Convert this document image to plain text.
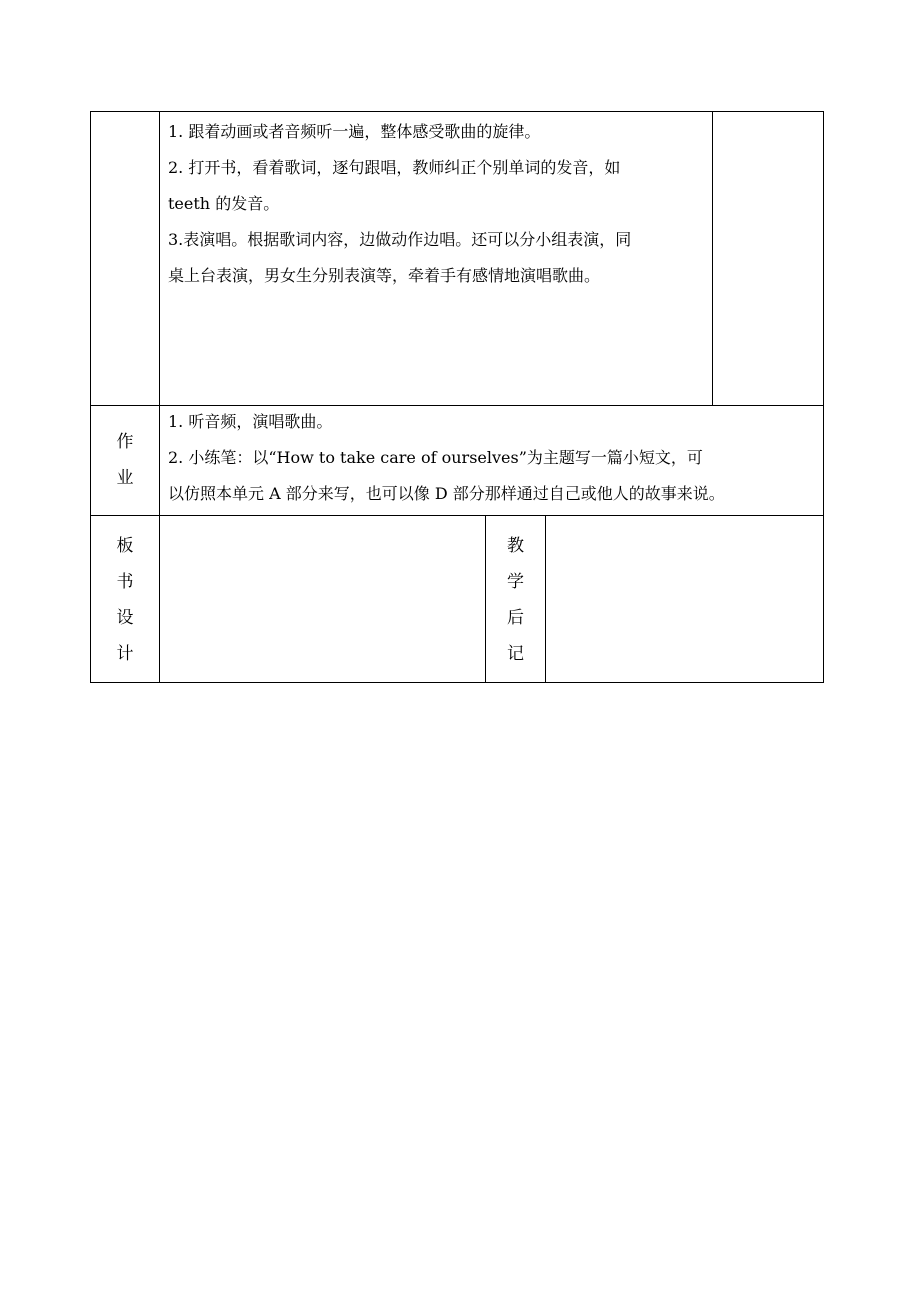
1. 跟着动画或者音频听一遍，整体感受歌曲的旋律。
2. 打开书，看着歌词，逐句跟唱，教师纠正个别单词的发音，如
teeth 的发音。
3.表演唱。根据歌词内容，边做动作边唱。还可以分小组表演，同
桌上台表演，男女生分别表演等，牵着手有感情地演唱歌曲。
作
业
1. 听音频，演唱歌曲。
2. 小练笔：以“How to take care of ourselves”为主题写一篇小短文，可
以仿照本单元 A 部分来写，也可以像 D 部分那样通过自己或他人的故事来说。
板
书
设
计
教
学
后
记
